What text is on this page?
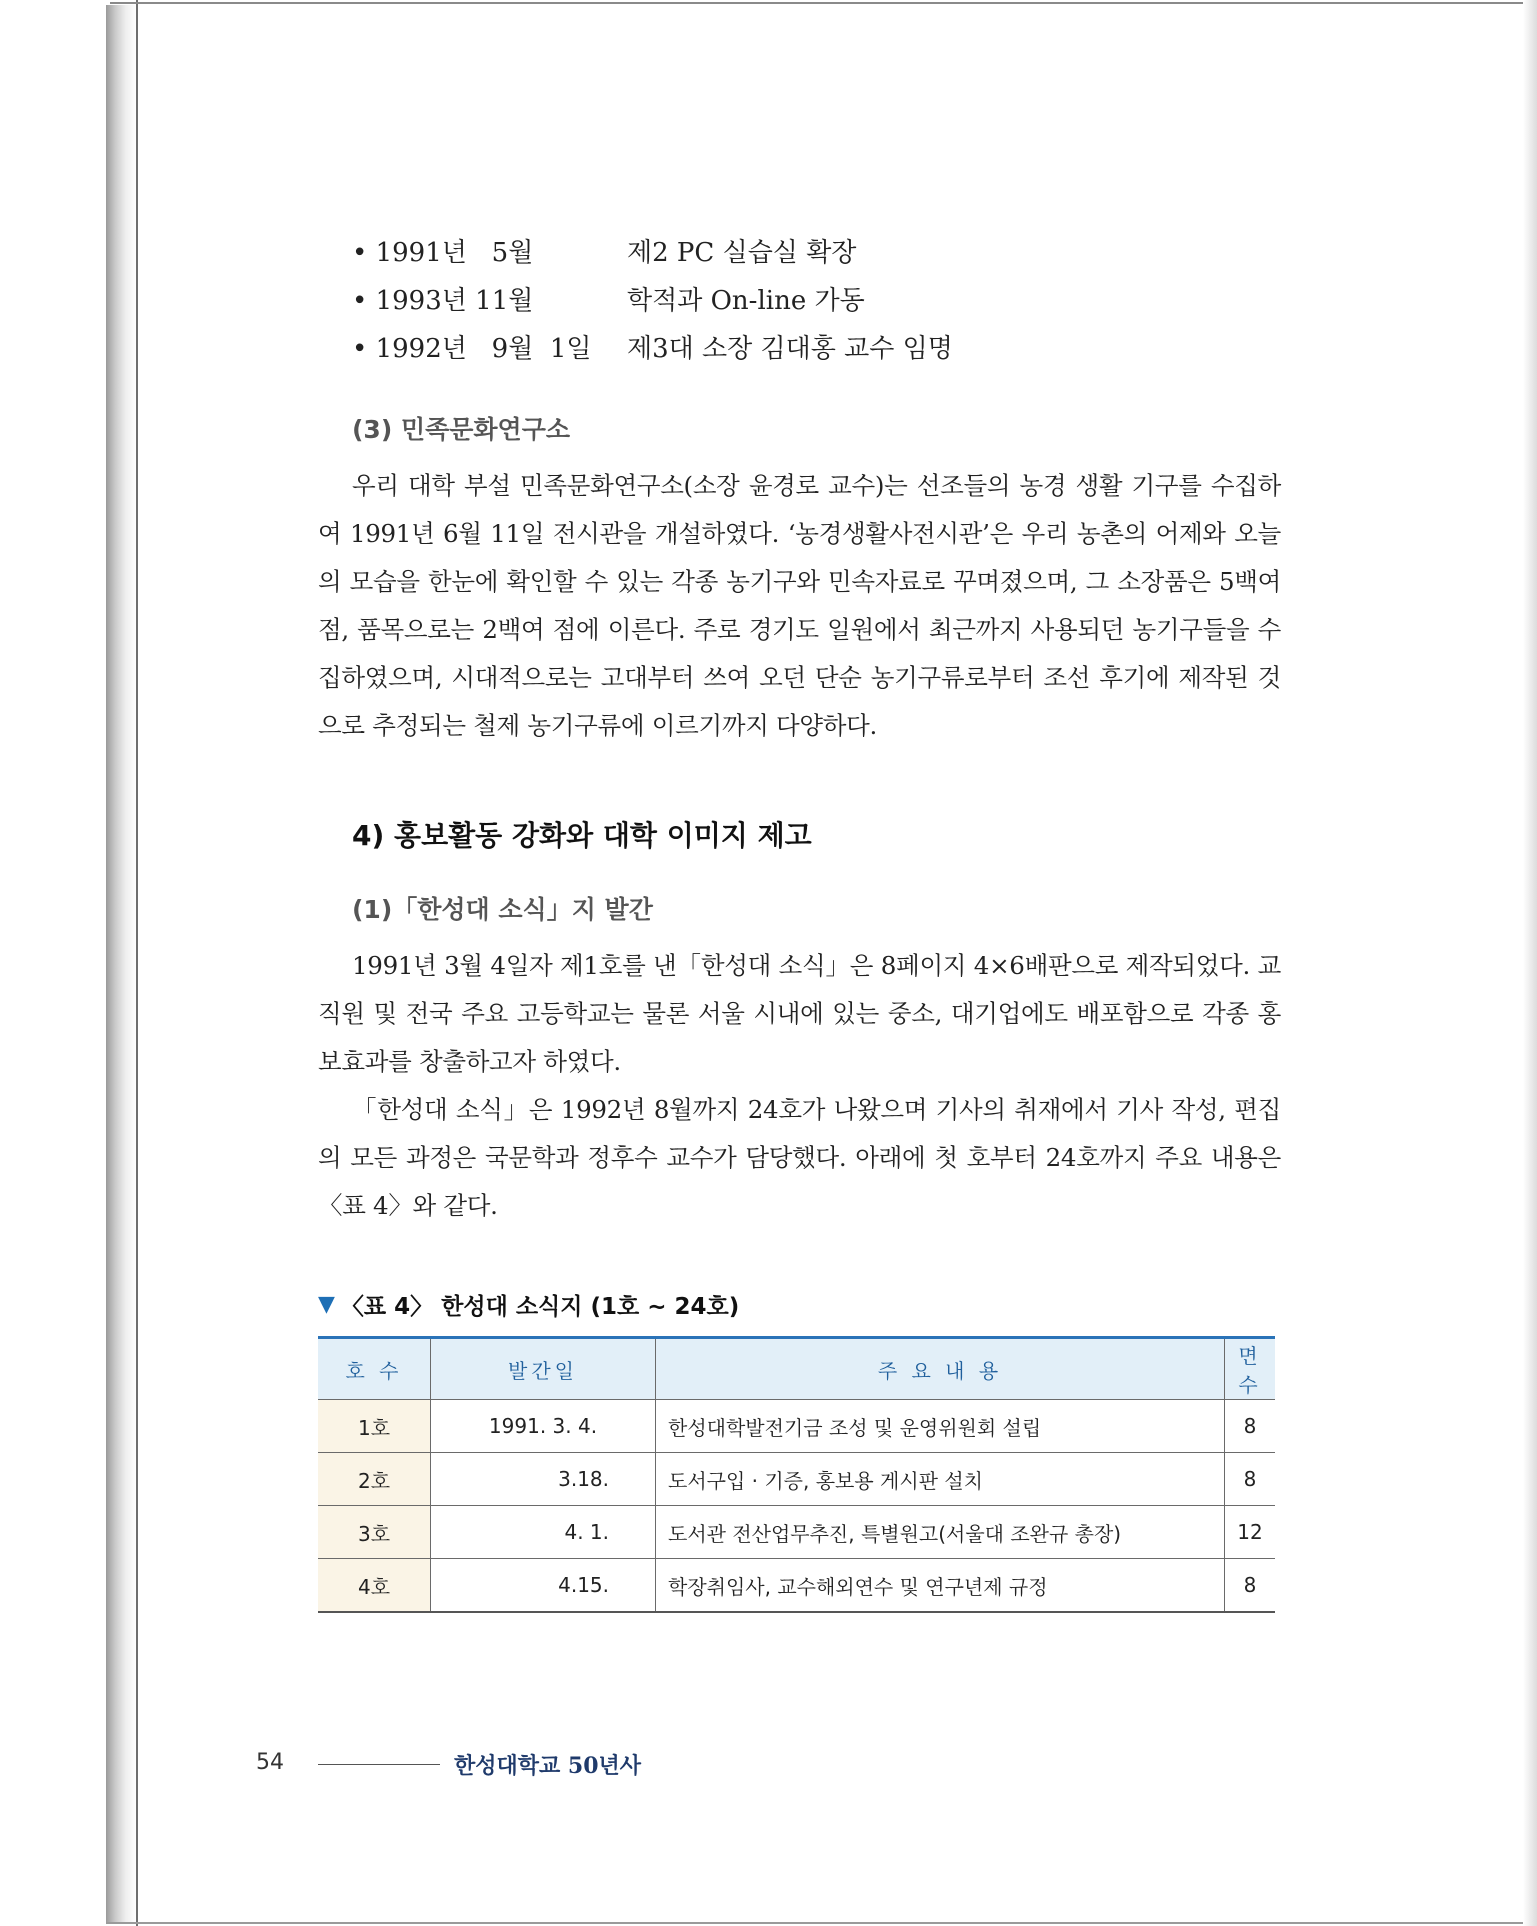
• 1991년   5월	제2 PC 실습실 확장
• 1993년 11월	학적과 On-line 가동
• 1992년   9월  1일 제3대 소장 김대홍 교수 임명
(3) 민족문화연구소

우리 대학 부설 민족문화연구소(소장 윤경로 교수)는 선조들의 농경 생활 기구를 수집하여 1991년 6월 11일 전시관을 개설하였다. ‘농경생활사전시관’은 우리 농촌의 어제와 오늘의 모습을 한눈에 확인할 수 있는 각종 농기구와 민속자료로 꾸며졌으며, 그 소장품은 5백여 점, 품목으로는 2백여 점에 이른다. 주로 경기도 일원에서 최근까지 사용되던 농기구들을 수집하였으며, 시대적으로는 고대부터 쓰여 오던 단순 농기구류로부터 조선 후기에 제작된 것으로 추정되는 철제 농기구류에 이르기까지 다양하다.

4) 홍보활동 강화와 대학 이미지 제고
(1)「한성대 소식」지 발간

1991년 3월 4일자 제1호를 낸「한성대 소식」은 8페이지 4×6배판으로 제작되었다. 교직원 및 전국 주요 고등학교는 물론 서울 시내에 있는 중소, 대기업에도 배포함으로 각종 홍보효과를 창출하고자 하였다.

「한성대 소식」은 1992년 8월까지 24호가 나왔으며 기사의 취재에서 기사 작성, 편집의 모든 과정은 국문학과 정후수 교수가 담당했다. 아래에 첫 호부터 24호까지 주요 내용은 〈표 4〉와 같다.

▼ 〈표 4〉 한성대 소식지 (1호 ~ 24호)
호 수	발간일	주 요 내 용	면 수
1호	1991. 3. 4.	한성대학발전기금 조성 및 운영위원회 설립	8
2호	3.18.	도서구입 · 기증, 홍보용 게시판 설치	8
3호	4. 1.	도서관 전산업무추진, 특별원고(서울대 조완규 총장)	12
4호	4.15.	학장취임사, 교수해외연수 및 연구년제 규정	8
54	한성대학교 50년사
